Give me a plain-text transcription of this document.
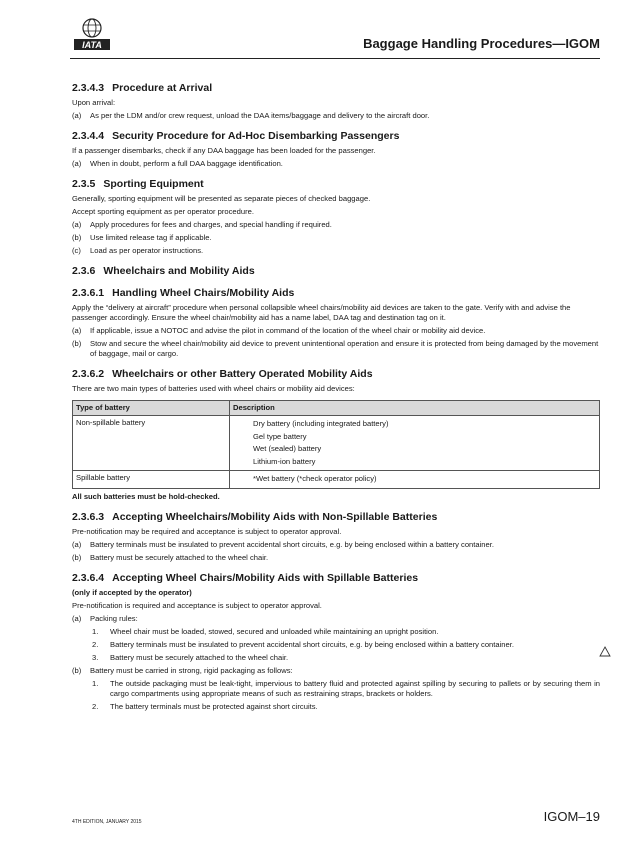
IATA	Baggage Handling Procedures—IGOM
2.3.4.3 Procedure at Arrival

Upon arrival:

(a) As per the LDM and/or crew request, unload the DAA items/baggage and delivery to the aircraft door.
2.3.4.4 Security Procedure for Ad-Hoc Disembarking Passengers

If a passenger disembarks, check if any DAA baggage has been loaded for the passenger.

(a) When in doubt, perform a full DAA baggage identification.
2.3.5 Sporting Equipment

Generally, sporting equipment will be presented as separate pieces of checked baggage.

Accept sporting equipment as per operator procedure.

(a) Apply procedures for fees and charges, and special handling if required.
(b) Use limited release tag if applicable.
(c) Load as per operator instructions.
2.3.6 Wheelchairs and Mobility Aids
2.3.6.1 Handling Wheel Chairs/Mobility Aids

Apply the “delivery at aircraft” procedure when personal collapsible wheel chairs/mobility aid devices are taken to the gate. Verify with and advise the passenger accordingly. Ensure the wheel chair/mobility aid has a name label, DAA tag and destination tag on it.

(a) If applicable, issue a NOTOC and advise the pilot in command of the location of the wheel chair or mobility aid device.
(b) Stow and secure the wheel chair/mobility aid device to prevent unintentional operation and ensure it is protected from being damaged by the movement of baggage, mail or cargo.
2.3.6.2 Wheelchairs or other Battery Operated Mobility Aids

There are two main types of batteries used with wheel chairs or mobility aid devices:

Type of battery	Description
Non-spillable battery	Dry battery (including integrated battery)
Gel type battery
Wet (sealed) battery
Lithium-ion battery

Spillable battery	*Wet battery (*check operator policy)

All such batteries must be hold-checked.

2.3.6.3 Accepting Wheelchairs/Mobility Aids with Non-Spillable Batteries

Pre-notification may be required and acceptance is subject to operator approval.

(a) Battery terminals must be insulated to prevent accidental short circuits, e.g. by being enclosed within a battery container.
(b) Battery must be securely attached to the wheel chair.
2.3.6.4 Accepting Wheel Chairs/Mobility Aids with Spillable Batteries

(only if accepted by the operator)

Pre-notification is required and acceptance is subject to operator approval.

(a) Packing rules:
1. Wheel chair must be loaded, stowed, secured and unloaded while maintaining an upright position.
2. Battery terminals must be insulated to prevent accidental short circuits, e.g. by being enclosed within a battery container.
3. Battery must be securely attached to the wheel chair.
(b) Battery must be carried in strong, rigid packaging as follows:
1. The outside packaging must be leak-tight, impervious to battery fluid and protected against spilling by securing to pallets or by securing them in cargo compartments using appropriate means of such as restraining straps, brackets or holders.
2. The battery terminals must be protected against short circuits.
4TH EDITION, JANUARY 2015	IGOM–19
